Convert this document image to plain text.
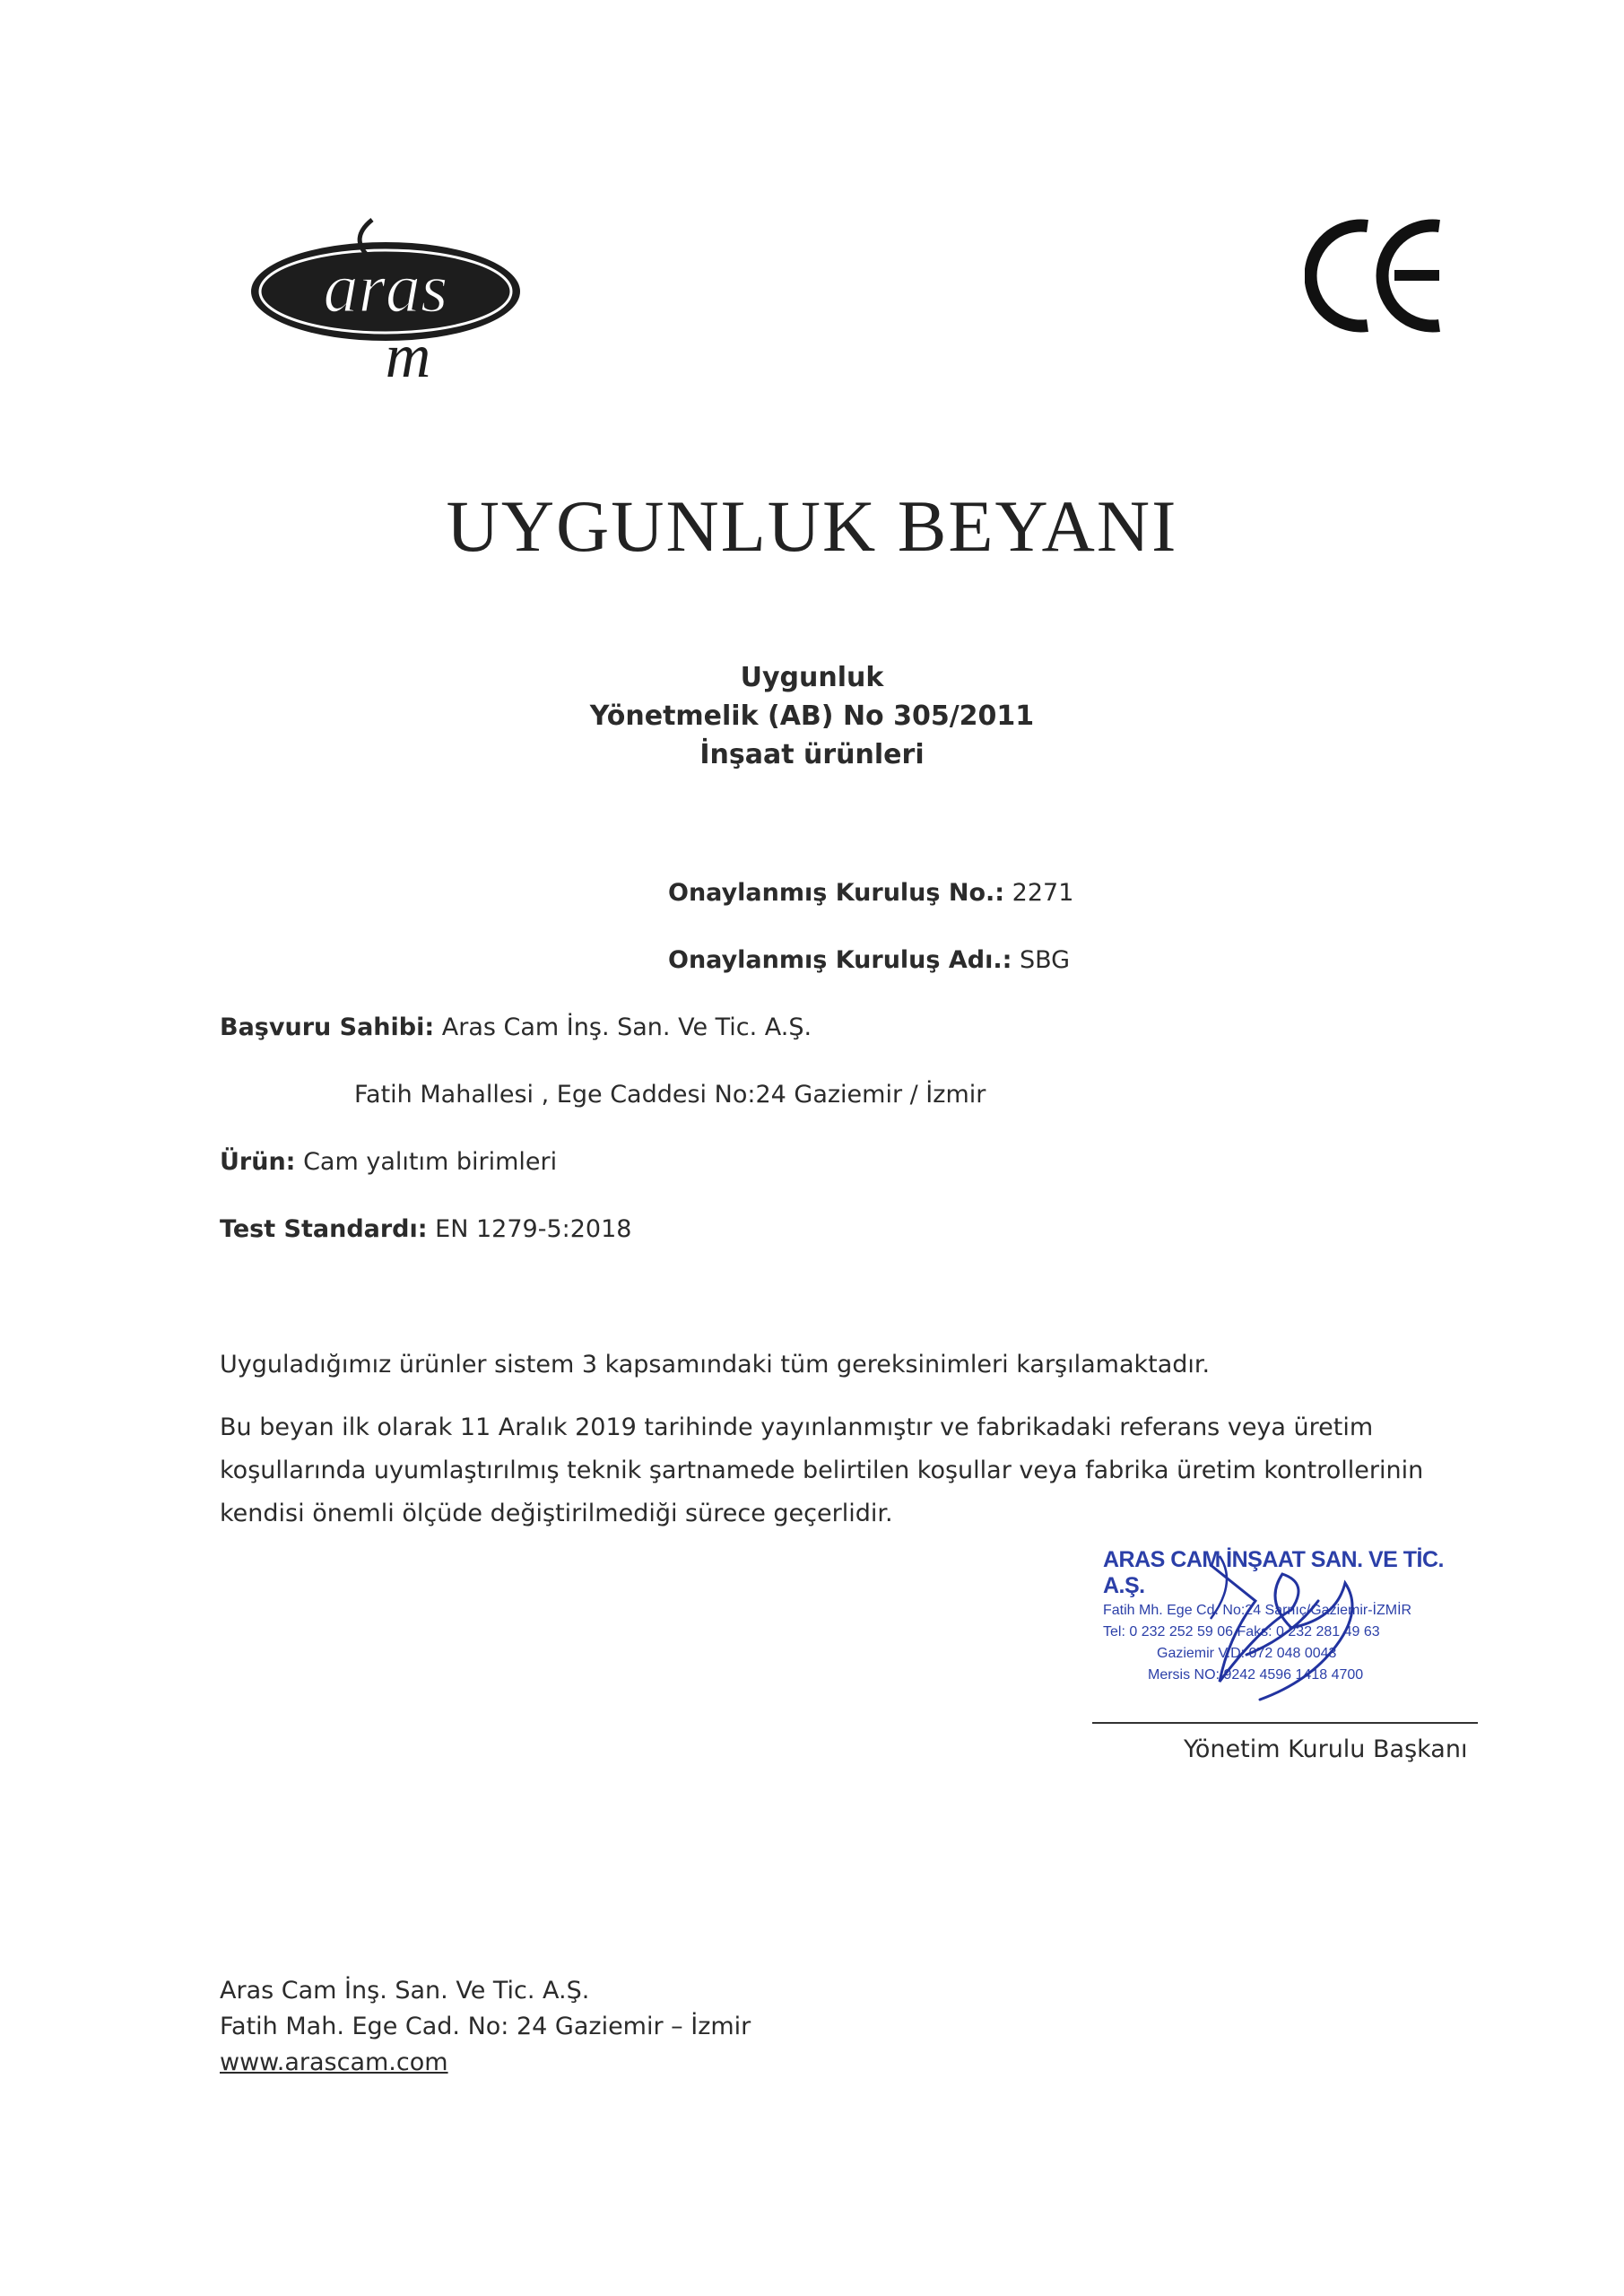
aras
m
UYGUNLUK BEYANI
Uygunluk
Yönetmelik (AB) No 305/2011
İnşaat ürünleri
Onaylanmış Kuruluş No.: 2271
Onaylanmış Kuruluş Adı.: SBG
Başvuru Sahibi: Aras Cam İnş. San. Ve Tic. A.Ş.
Fatih Mahallesi , Ege Caddesi No:24 Gaziemir / İzmir
Ürün: Cam yalıtım birimleri
Test Standardı: EN 1279-5:2018
Uyguladığımız ürünler sistem 3 kapsamındaki tüm gereksinimleri karşılamaktadır.
Bu beyan ilk olarak 11 Aralık 2019 tarihinde yayınlanmıştır ve fabrikadaki referans veya üretim koşullarında uyumlaştırılmış teknik şartnamede belirtilen koşullar veya fabrika üretim kontrollerinin kendisi önemli ölçüde değiştirilmediği sürece geçerlidir.
ARAS CAM İNŞAAT SAN. VE TİC. A.Ş.
Fatih Mh. Ege Cd. No:24 Sarnıç/Gaziemir-İZMİR
Tel: 0 232 252 59 06 Faks: 0 232 281 49 63
Gaziemir V.D: 072 048 0043
Mersis NO: 9242 4596 1418 4700
Yönetim Kurulu Başkanı
Aras Cam İnş. San. Ve Tic. A.Ş.
Fatih Mah. Ege Cad. No: 24 Gaziemir – İzmir
www.arascam.com
